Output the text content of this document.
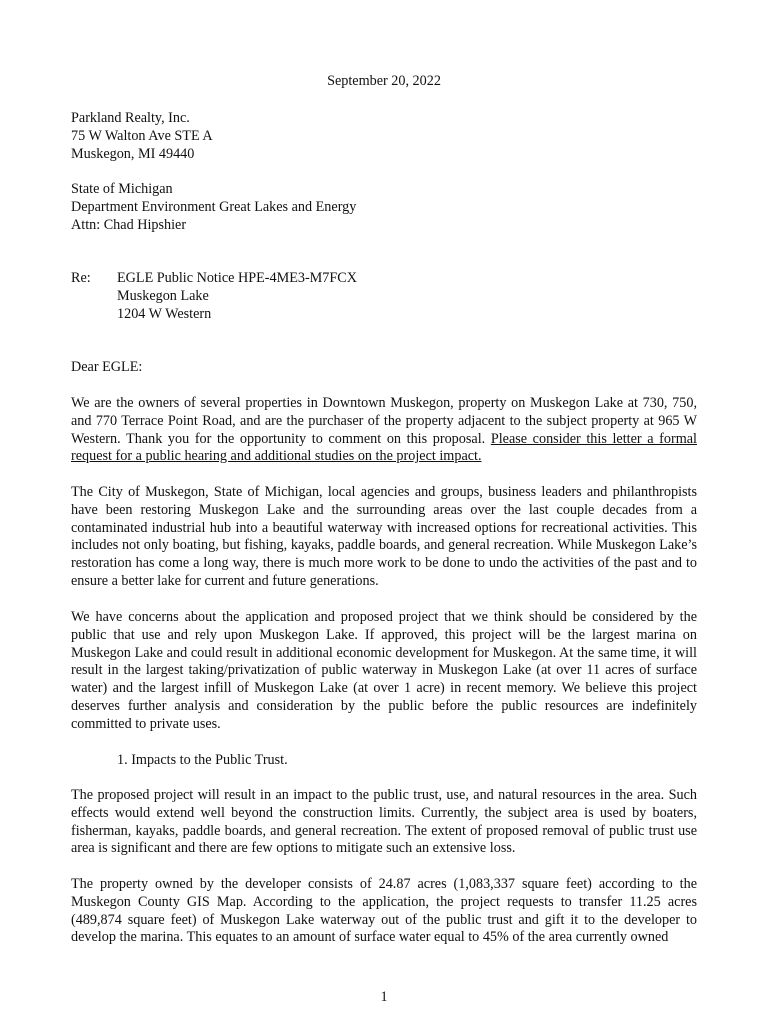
September 20, 2022
Parkland Realty, Inc.
75 W Walton Ave STE A
Muskegon, MI 49440
State of Michigan
Department Environment Great Lakes and Energy
Attn: Chad Hipshier
Re: EGLE Public Notice HPE-4ME3-M7FCX
Muskegon Lake
1204 W Western
Dear EGLE:

We are the owners of several properties in Downtown Muskegon, property on Muskegon Lake at 730, 750, and 770 Terrace Point Road, and are the purchaser of the property adjacent to the subject property at 965 W Western. Thank you for the opportunity to comment on this proposal. Please consider this letter a formal request for a public hearing and additional studies on the project impact.

The City of Muskegon, State of Michigan, local agencies and groups, business leaders and philanthropists have been restoring Muskegon Lake and the surrounding areas over the last couple decades from a contaminated industrial hub into a beautiful waterway with increased options for recreational activities. This includes not only boating, but fishing, kayaks, paddle boards, and general recreation. While Muskegon Lake’s restoration has come a long way, there is much more work to be done to undo the activities of the past and to ensure a better lake for current and future generations.

We have concerns about the application and proposed project that we think should be considered by the public that use and rely upon Muskegon Lake. If approved, this project will be the largest marina on Muskegon Lake and could result in additional economic development for Muskegon. At the same time, it will result in the largest taking/privatization of public waterway in Muskegon Lake (at over 11 acres of surface water) and the largest infill of Muskegon Lake (at over 1 acre) in recent memory. We believe this project deserves further analysis and consideration by the public before the public resources are indefinitely committed to private uses.

1. Impacts to the Public Trust.

The proposed project will result in an impact to the public trust, use, and natural resources in the area. Such effects would extend well beyond the construction limits. Currently, the subject area is used by boaters, fisherman, kayaks, paddle boards, and general recreation. The extent of proposed removal of public trust use area is significant and there are few options to mitigate such an extensive loss.

The property owned by the developer consists of 24.87 acres (1,083,337 square feet) according to the Muskegon County GIS Map. According to the application, the project requests to transfer 11.25 acres (489,874 square feet) of Muskegon Lake waterway out of the public trust and gift it to the developer to develop the marina. This equates to an amount of surface water equal to 45% of the area currently owned

1
